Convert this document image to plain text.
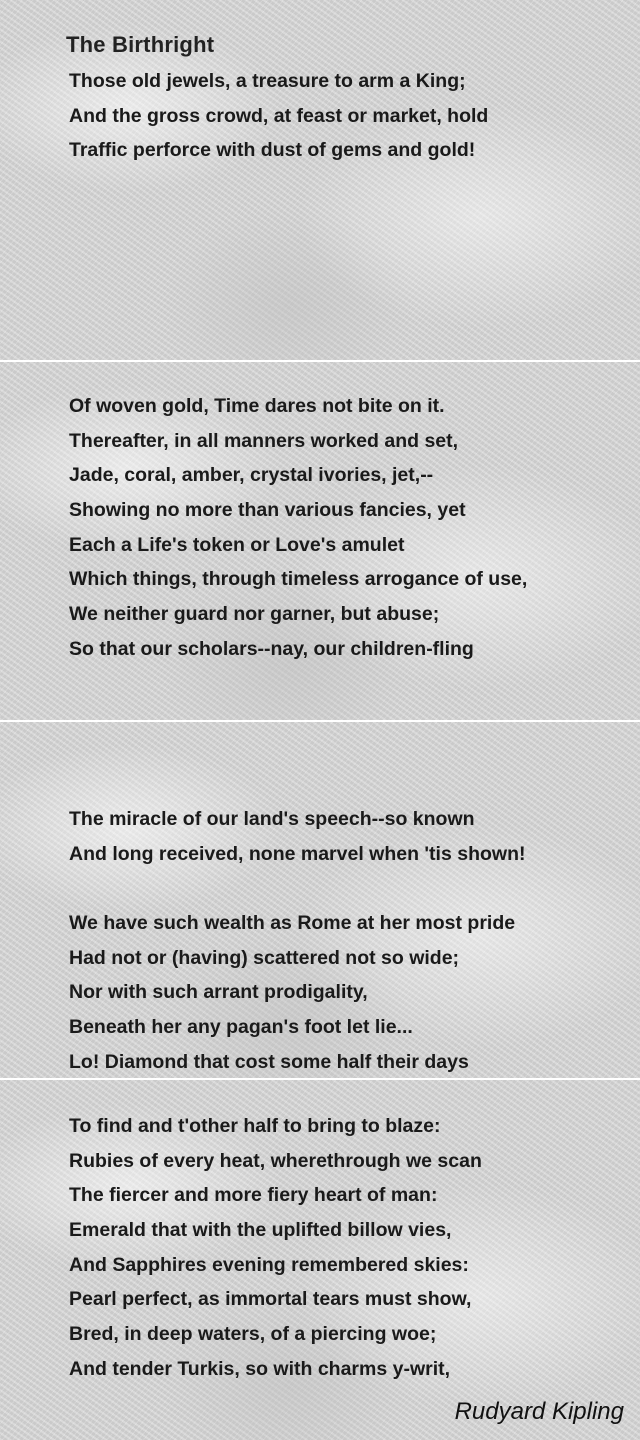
The Birthright
Those old jewels, a treasure to arm a King;
And the gross crowd, at feast or market, hold
Traffic perforce with dust of gems and gold!
Of woven gold, Time dares not bite on it.
Thereafter, in all manners worked and set,
Jade, coral, amber, crystal ivories, jet,--
Showing no more than various fancies, yet
Each a Life's token or Love's amulet
Which things, through timeless arrogance of use,
We neither guard nor garner, but abuse;
So that our scholars--nay, our children-fling
The miracle of our land's speech--so known
And long received, none marvel when 'tis shown!
We have such wealth as Rome at her most pride
Had not or (having) scattered not so wide;
Nor with such arrant prodigality,
Beneath her any pagan's foot let lie...
Lo! Diamond that cost some half their days
To find and t'other half to bring to blaze:
Rubies of every heat, wherethrough we scan
The fiercer and more fiery heart of man:
Emerald that with the uplifted billow vies,
And Sapphires evening remembered skies:
Pearl perfect, as immortal tears must show,
Bred, in deep waters, of a piercing woe;
And tender Turkis, so with charms y-writ,

Rudyard Kipling
